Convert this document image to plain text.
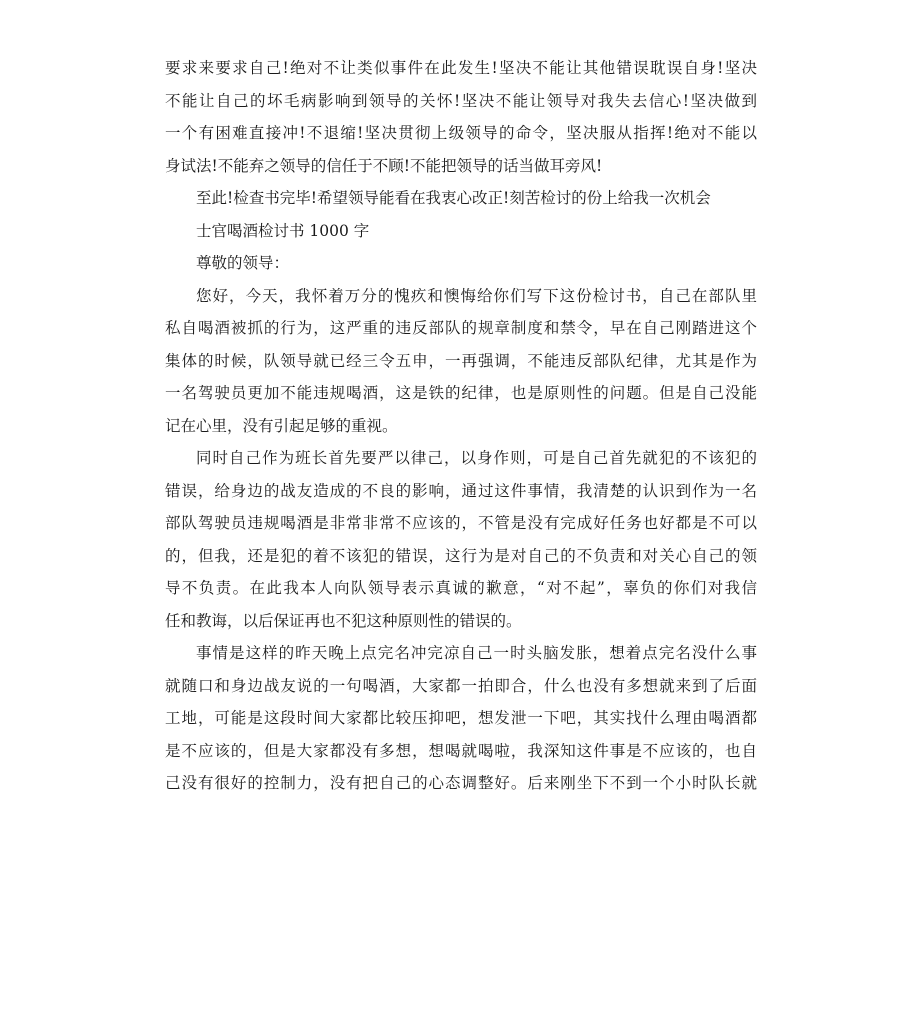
要求来要求自己!绝对不让类似事件在此发生!坚决不能让其他错误耽误自身!坚决
不能让自己的坏毛病影响到领导的关怀!坚决不能让领导对我失去信心!坚决做到
一个有困难直接冲!不退缩!坚决贯彻上级领导的命令，坚决服从指挥!绝对不能以
身试法!不能弃之领导的信任于不顾!不能把领导的话当做耳旁风!

至此!检查书完毕!希望领导能看在我衷心改正!刻苦检讨的份上给我一次机会

士官喝酒检讨书 1000 字

尊敬的领导：

您好，今天，我怀着万分的愧疚和懊悔给你们写下这份检讨书，自己在部队里
私自喝酒被抓的行为，这严重的违反部队的规章制度和禁令，早在自己刚踏进这个
集体的时候，队领导就已经三令五申，一再强调，不能违反部队纪律，尤其是作为
一名驾驶员更加不能违规喝酒，这是铁的纪律，也是原则性的问题。但是自己没能
记在心里，没有引起足够的重视。

同时自己作为班长首先要严以律己，以身作则，可是自己首先就犯的不该犯的
错误，给身边的战友造成的不良的影响，通过这件事情，我清楚的认识到作为一名
部队驾驶员违规喝酒是非常非常不应该的，不管是没有完成好任务也好都是不可以
的，但我，还是犯的着不该犯的错误，这行为是对自己的不负责和对关心自己的领
导不负责。在此我本人向队领导表示真诚的歉意，“对不起”，辜负的你们对我信
任和教诲，以后保证再也不犯这种原则性的错误的。

事情是这样的昨天晚上点完名冲完凉自己一时头脑发胀，想着点完名没什么事
就随口和身边战友说的一句喝酒，大家都一拍即合，什么也没有多想就来到了后面
工地，可能是这段时间大家都比较压抑吧，想发泄一下吧，其实找什么理由喝酒都
是不应该的，但是大家都没有多想，想喝就喝啦，我深知这件事是不应该的，也自
己没有很好的控制力，没有把自己的心态调整好。后来刚坐下不到一个小时队长就
